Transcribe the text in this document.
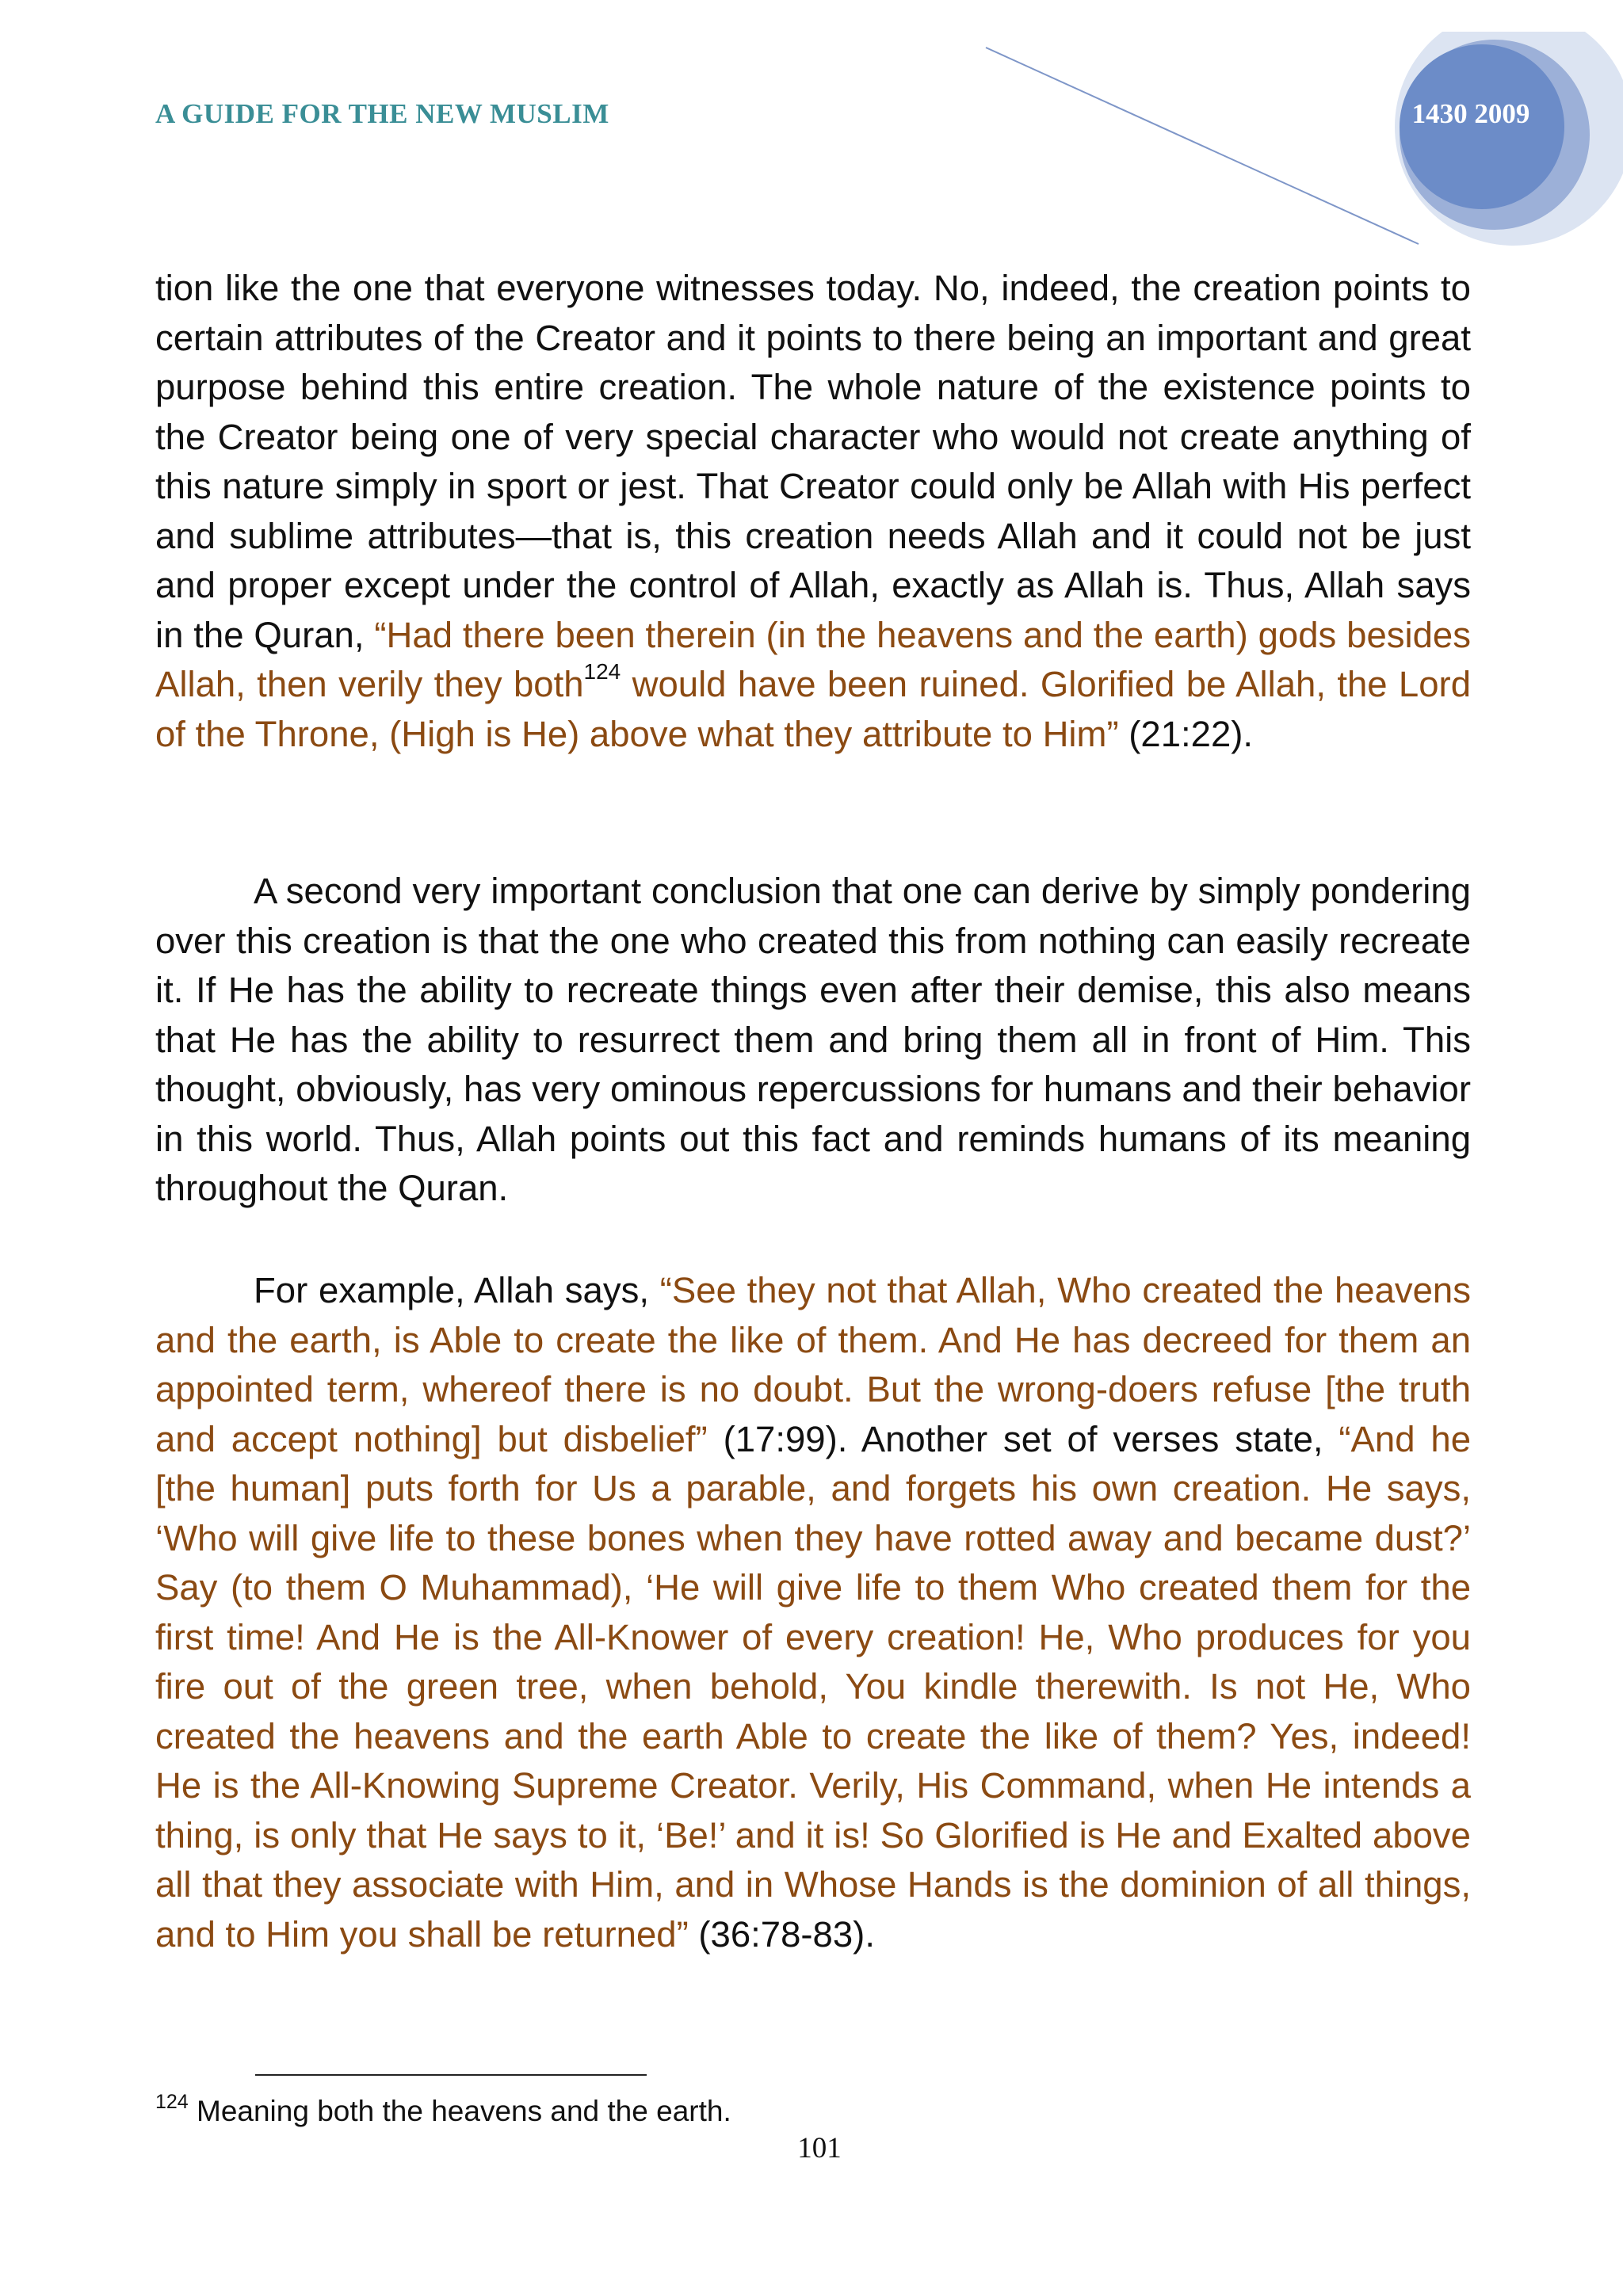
A GUIDE FOR THE NEW MUSLIM	1430 2009

tion like the one that everyone witnesses today. No, indeed, the creation points to certain attributes of the Creator and it points to there being an important and great purpose behind this entire creation. The whole nature of the existence points to the Creator being one of very special character who would not create anything of this nature simply in sport or jest. That Creator could only be Allah with His perfect and sublime attributes—that is, this creation needs Allah and it could not be just and proper except under the control of Allah, exactly as Allah is. Thus, Allah says in the Quran, “Had there been therein (in the heavens and the earth) gods besides Allah, then verily they both$^{124}$ would have been ruined. Glorified be Allah, the Lord of the Throne, (High is He) above what they attribute to Him” (21:22).

A second very important conclusion that one can derive by simply pondering over this creation is that the one who created this from nothing can easily recreate it. If He has the ability to recreate things even after their demise, this also means that He has the ability to resurrect them and bring them all in front of Him. This thought, obviously, has very ominous repercussions for humans and their behavior in this world. Thus, Allah points out this fact and reminds humans of its meaning throughout the Quran.

For example, Allah says, “See they not that Allah, Who created the heavens and the earth, is Able to create the like of them. And He has decreed for them an appointed term, whereof there is no doubt. But the wrong-doers refuse [the truth and accept nothing] but disbelief” (17:99). Another set of verses state, “And he [the human] puts forth for Us a parable, and forgets his own creation. He says, ‘Who will give life to these bones when they have rotted away and became dust?’ Say (to them O Muhammad), ‘He will give life to them Who created them for the first time! And He is the All-Knower of every creation! He, Who produces for you fire out of the green tree, when behold, You kindle therewith. Is not He, Who created the heavens and the earth Able to create the like of them? Yes, indeed! He is the All-Knowing Supreme Creator. Verily, His Command, when He intends a thing, is only that He says to it, ‘Be!’ and it is! So Glorified is He and Exalted above all that they associate with Him, and in Whose Hands is the dominion of all things, and to Him you shall be returned” (36:78-83).

$^{124}$ Meaning both the heavens and the earth.
101
